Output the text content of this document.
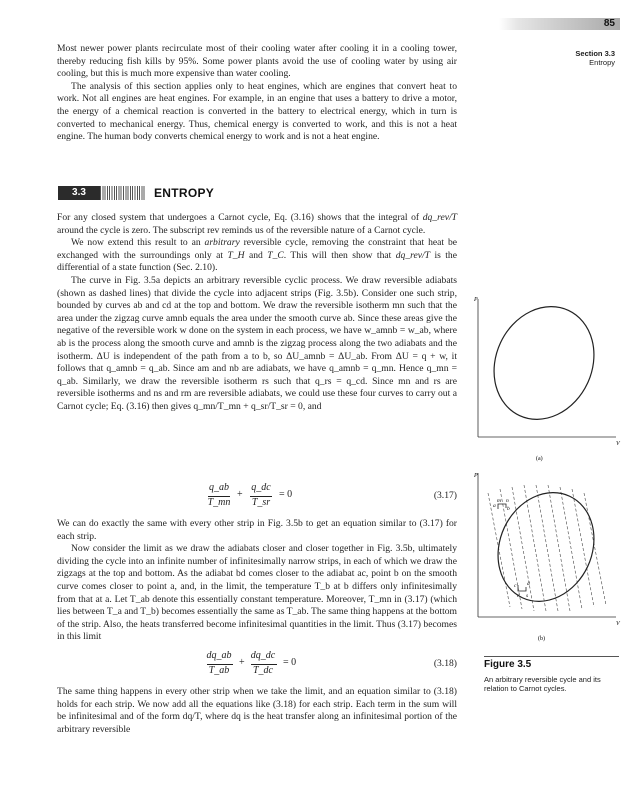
85
Section 3.3
Entropy

Most newer power plants recirculate most of their cooling water after cooling it in a cooling tower, thereby reducing fish kills by 95%. Some power plants avoid the use of cooling water by using air cooling, but this is much more expensive than water cooling.

The analysis of this section applies only to heat engines, which are engines that convert heat to work. Not all engines are heat engines. For example, in an engine that uses a battery to drive a motor, the energy of a chemical reaction is converted in the battery to electrical energy, which in turn is converted to mechanical energy. Thus, chemical energy is converted to work, and this is not a heat engine. The human body converts chemical energy to work and is not a heat engine.

3.3	ENTROPY

For any closed system that undergoes a Carnot cycle, Eq. (3.16) shows that the integral of dq_rev/T around the cycle is zero. The subscript rev reminds us of the reversible nature of a Carnot cycle.

We now extend this result to an arbitrary reversible cycle, removing the constraint that heat be exchanged with the surroundings only at T_H and T_C. This will then show that dq_rev/T is the differential of a state function (Sec. 2.10).

The curve in Fig. 3.5a depicts an arbitrary reversible cyclic process. We draw reversible adiabats (shown as dashed lines) that divide the cycle into adjacent strips (Fig. 3.5b). Consider one such strip, bounded by curves ab and cd at the top and bottom. We draw the reversible isotherm mn such that the area under the zigzag curve amnb equals the area under the smooth curve ab. Since these areas give the negative of the reversible work w done on the system in each process, we have w_amnb = w_ab, where ab is the process along the smooth curve and amnb is the zigzag process along the two adiabats and the isotherm. ΔU is independent of the path from a to b, so ΔU_amnb = ΔU_ab. From ΔU = q + w, it follows that q_amnb = q_ab. Since am and nb are adiabats, we have q_amnb = q_mn. Hence q_mn = q_ab. Similarly, we draw the reversible isotherm rs such that q_rs = q_cd. Since mn and rs are reversible isotherms and ns and rm are reversible adiabats, we could use these four curves to carry out a Carnot cycle; Eq. (3.16) then gives q_mn/T_mn + q_sr/T_sr = 0, and

q_ab
T_mn
+
q_dc
T_sr
= 0	(3.17)

We can do exactly the same with every other strip in Fig. 3.5b to get an equation similar to (3.17) for each strip.

Now consider the limit as we draw the adiabats closer and closer together in Fig. 3.5b, ultimately dividing the cycle into an infinite number of infinitesimally narrow strips, in each of which we draw the zigzags at the top and bottom. As the adiabat bd comes closer to the adiabat ac, point b on the smooth curve comes closer to point a, and, in the limit, the temperature T_b at b differs only infinitesimally from that at a. Let T_ab denote this essentially constant temperature. Moreover, T_mn in (3.17) (which lies between T_a and T_b) becomes essentially the same as T_ab. The same thing happens at the bottom of the strip. Also, the heats transferred become infinitesimal quantities in the limit. Thus (3.17) becomes in this limit

dq_ab
T_ab
+
dq_dc
T_dc
= 0	(3.18)

The same thing happens in every other strip when we take the limit, and an equation similar to (3.18) holds for each strip. We now add all the equations like (3.18) for each strip. Each term in the sum will be infinitesimal and of the form dq/T, where dq is the heat transfer along an infinitesimal portion of the arbitrary reversible

P
V
(a)
P
V
a b
c d
m n
r s
(b)
Figure 3.5
An arbitrary reversible cycle and its relation to Carnot cycles.
